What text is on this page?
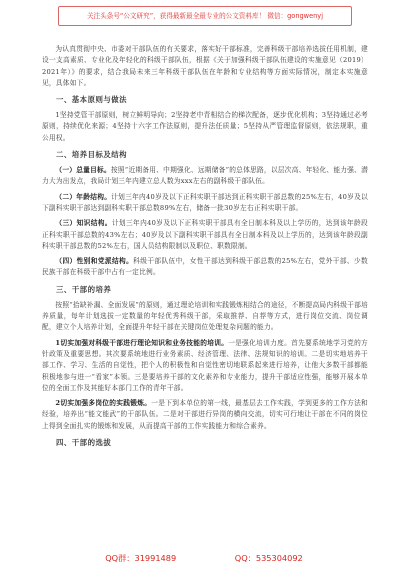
关注头条号“公文研究”，获得最新最全最专业的公文资料库！ 微信：gongwenyj

为认真贯彻中央、市委对干部队伍的有关要求，落实好干部标准，完善科级干部培养选拔任用机制，建设一支高素质、专业化及年轻化的科级干部队伍，根据《关于加强科级干部队伍建设的实施意见（2019〕2021年）》的要求，结合我局未来三年科级干部队伍在年龄和专业结构等方面实际情况，制定本实施意见，具体如下。

一、基本原则与做法

1坚持党管干部原则，树立鲜明导向；2坚持老中青相结合的梯次配备，逐步优化机构；3坚持通过必考原则，持续优化来源；4坚持十六字工作法原则，提升法任质量；5坚持从严管理监督原则，依法规职，重公用权。

二、培养目标及结构

（一）总量目标。按照“近期备用、中期强化、远期储备”的总体思路，以层次高、年轻化、能力强、潜力大为出发点，我局计划三年内建立总人数为xxx左右的副科级干部队伍。

（二）年龄结构。计划三年内40岁及以下正科实职干部达到正科实职干部总数的25%左右，40岁及以下副科实职干部达到副科实职干部总数89%左右，储备一批30岁左右正科实职干部。

（三）知识结构。计划三年内40岁及以下正科实职干部具有全日制本科及以上学历的，达到该年龄段正科实职干部总数的43%左右；40岁及以下副科实职干部具有全日制本科及以上学历的，达到该年龄段副科实职干部总数的52%左右，国人员结构限制以及职位、职数限制。

（四）性别和党派结构。科级干部队伍中，女性干部达到科级干部总数的25%左右，党外干部、少数民族干部在科级干部中占有一定比例。

三、干部的培养

按照“拾缺补漏、全面发展”的原则，通过理论培训和实践锻炼相结合的途径，不断提高局内科级干部培养质量，每年计划选拔一定数量的年轻优秀科级干部，采取推荐、自荐等方式，进行岗位交流、岗位调配，建立个人培养计划，全面提升年轻干部在关键岗位处理复杂问题的能力。

1切实加强对科级干部进行理论知识和业务技能的培训。一是强化培训力度。首先要系统地学习党的方针政策及重要思想。其次要系统地进行业务素质、经济管理、法律、法规知识的培训。二是切实地培养干部工作、学习、生活的自觉性，把个人的积极性和自觉性密切地联系起来进行培养，让他大多数干部都能积极地参与进一“看家”本领。三是要培养干部的文化素养和专业能力，提升干部适应性强，能够开展本单位的全面工作及其能好本部门工作的青年干部。

2切实加强多岗位的实践锻炼。一是下到本单位的第一线，最基层去工作实践，学到更多的工作方法和经验，培养出“能文能武”的干部队伍。二是对干部进行异岗的横向交流，切实可行地让干部在不同的岗位上得到全面扎实的锻炼和发展，从而提高干部的工作实践能力和综合素养。

四、干部的选拔
QQ群：31991489	QQ：535304092
